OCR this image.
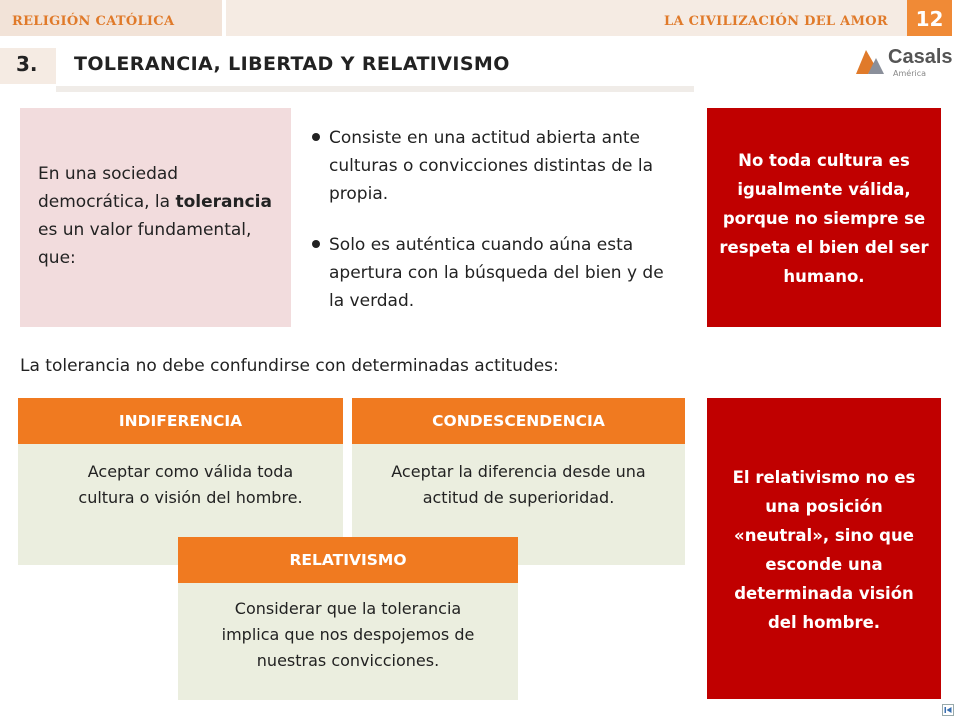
RELIGIÓN CATÓLICA	LA CIVILIZACIÓN DEL AMOR	12
3. TOLERANCIA, LIBERTAD Y RELATIVISMO	Casals
América
En una sociedad democrática, la tolerancia es un valor fundamental, que:
Consiste en una actitud abierta ante culturas o convicciones distintas de la propia.
Solo es auténtica cuando aúna esta apertura con la búsqueda del bien y de la verdad.
No toda cultura es igualmente válida, porque no siempre se respeta el bien del ser humano.
La tolerancia no debe confundirse con determinadas actitudes:
INDIFERENCIA
Aceptar como válida toda cultura o visión del hombre.
CONDESCENDENCIA
Aceptar la diferencia desde una actitud de superioridad.
RELATIVISMO
Considerar que la tolerancia implica que nos despojemos de nuestras convicciones.
El relativismo no es una posición «neutral», sino que esconde una determinada visión del hombre.
